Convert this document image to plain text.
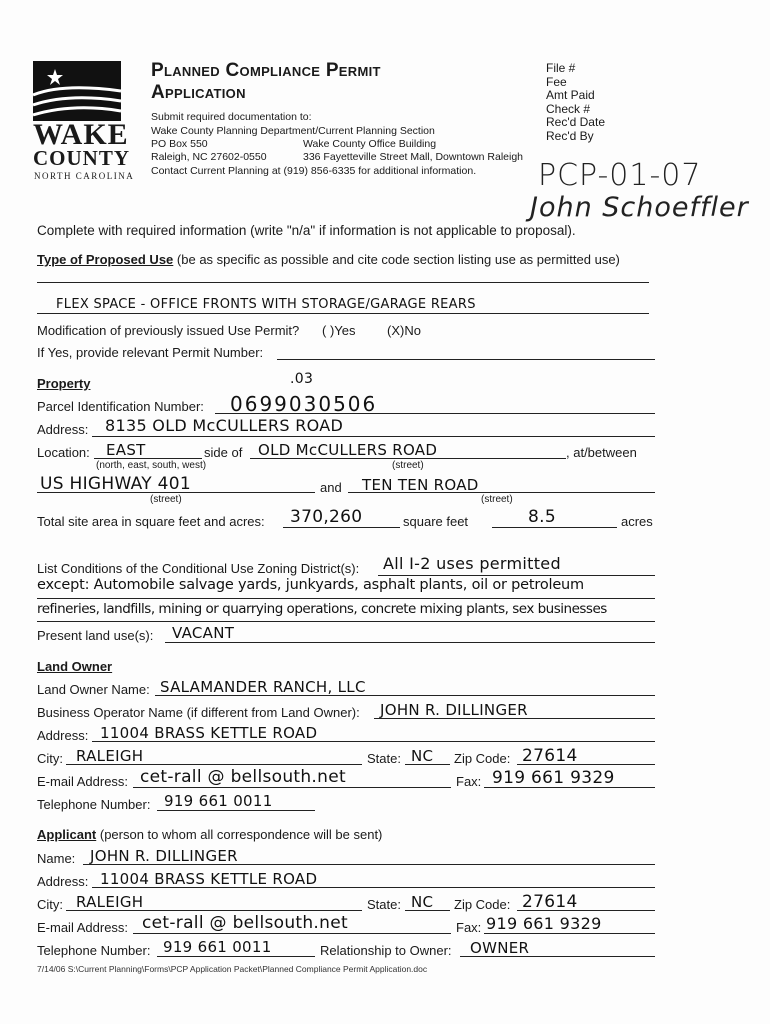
WAKE
COUNTY
NORTH CAROLINA
Planned Compliance Permit
Application
Submit required documentation to:
Wake County Planning Department/Current Planning Section
PO Box 550	Wake County Office Building
Raleigh, NC 27602-0550	336 Fayetteville Street Mall, Downtown Raleigh
Contact Current Planning at (919) 856-6335 for additional information.
File #
Fee
Amt Paid
Check #
Rec'd Date
Rec'd By
PCP-01-07
John Schoeffler
Complete with required information (write "n/a" if information is not applicable to proposal).
Type of Proposed Use (be as specific as possible and cite code section listing use as permitted use)
FLEX SPACE - OFFICE FRONTS WITH STORAGE/GARAGE REARS
Modification of previously issued Use Permit? ( )Yes (X)No
If Yes, provide relevant Permit Number:
Property	.03
Parcel Identification Number: 0699030506
Address: 8135 OLD McCULLERS ROAD
Location: EAST	side of OLD McCULLERS ROAD	, at/between
(north, east, south, west)	(street)
US HIGHWAY 401	and TEN TEN ROAD
(street)	(street)
Total site area in square feet and acres: 370,260	square feet	8.5	acres
List Conditions of the Conditional Use Zoning District(s): All I-2 uses permitted
except: Automobile salvage yards, junkyards, asphalt plants, oil or petroleum
refineries, landfills, mining or quarrying operations, concrete mixing plants, sex businesses
Present land use(s): VACANT
Land Owner
Land Owner Name: SALAMANDER RANCH, LLC
Business Operator Name (if different from Land Owner): JOHN R. DILLINGER
Address: 11004 BRASS KETTLE ROAD
City: RALEIGH	State: NC Zip Code: 27614
E-mail Address: cet-rall @ bellsouth.net	Fax: 919 661 9329
Telephone Number: 919 661 0011
Applicant (person to whom all correspondence will be sent)
Name: JOHN R. DILLINGER
Address: 11004 BRASS KETTLE ROAD
City: RALEIGH	State: NC Zip Code: 27614
E-mail Address: cet-rall @ bellsouth.net	Fax: 919 661 9329
Telephone Number: 919 661 0011	Relationship to Owner: OWNER
7/14/06 S:\Current Planning\Forms\PCP Application Packet\Planned Compliance Permit Application.doc
